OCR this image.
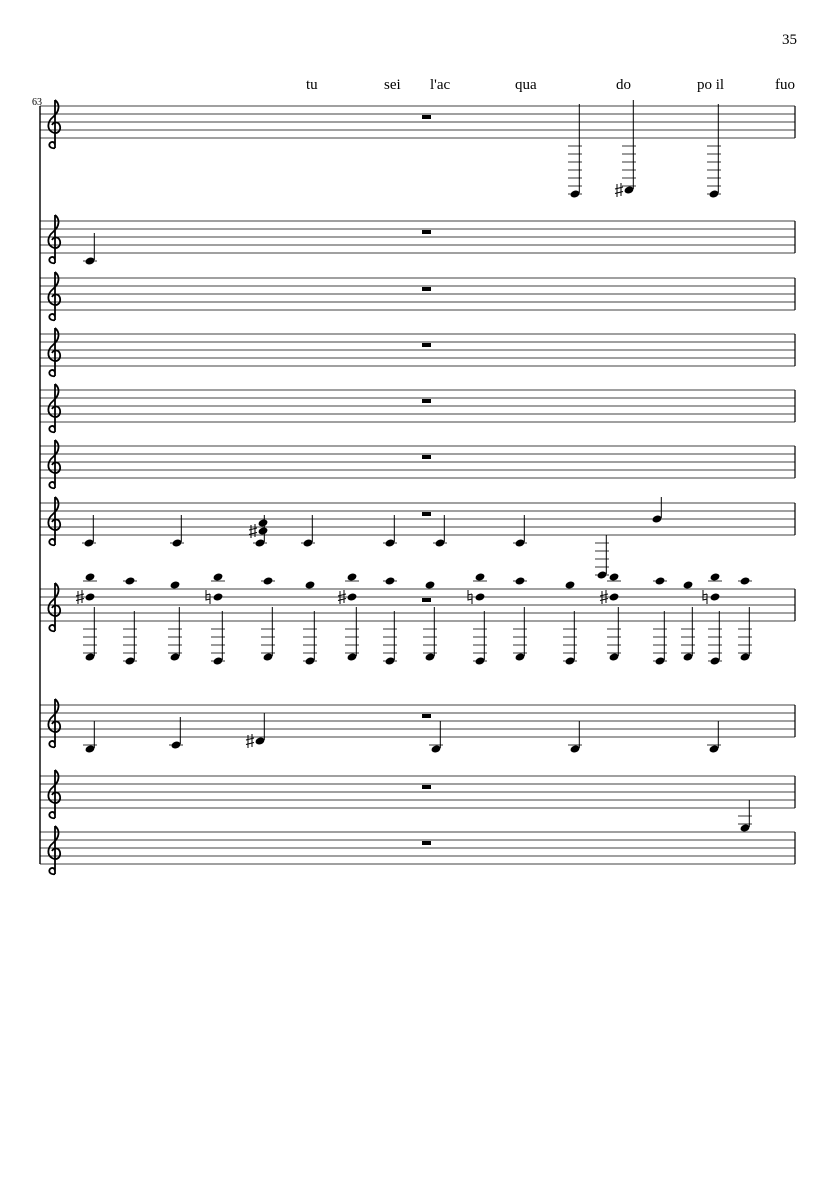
35
63
tu	sei l'ac	qua	do	po il	fuo
